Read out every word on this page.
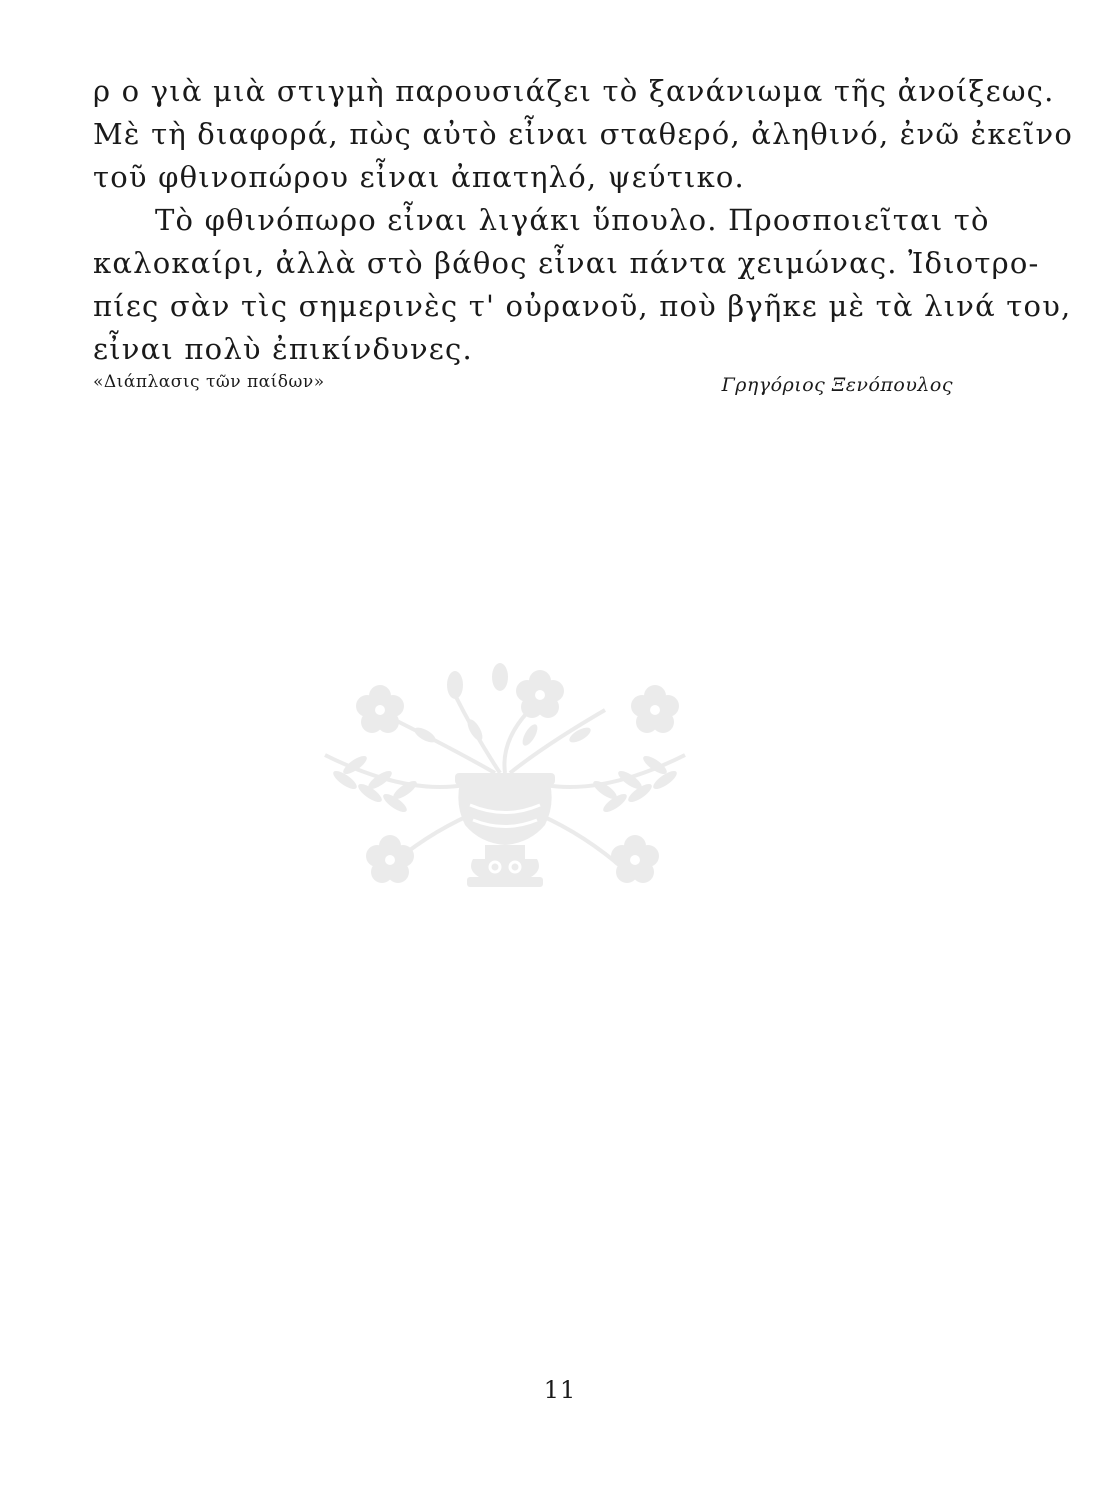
ρ ο γιὰ μιὰ στιγμὴ παρουσιάζει τὸ ξανάνιωμα τῆς ἀνοίξεως.
Μὲ τὴ διαφορά, πὼς αὐτὸ εἶναι σταθερό, ἀληθινό, ἐνῶ ἐκεῖνο
τοῦ φθινοπώρου εἶναι ἀπατηλό, ψεύτικο.
Τὸ φθινόπωρο εἶναι λιγάκι ὕπουλο. Προσποιεῖται τὸ
καλοκαίρι, ἀλλὰ στὸ βάθος εἶναι πάντα χειμώνας. Ἰδιοτρο-
πίες σὰν τὶς σημερινὲς τ' οὐρανοῦ, ποὺ βγῆκε μὲ τὰ λινά του,
εἶναι πολὺ ἐπικίνδυνες.
«Διάπλασις τῶν παίδων»	Γρηγόριος Ξενόπουλος
11
